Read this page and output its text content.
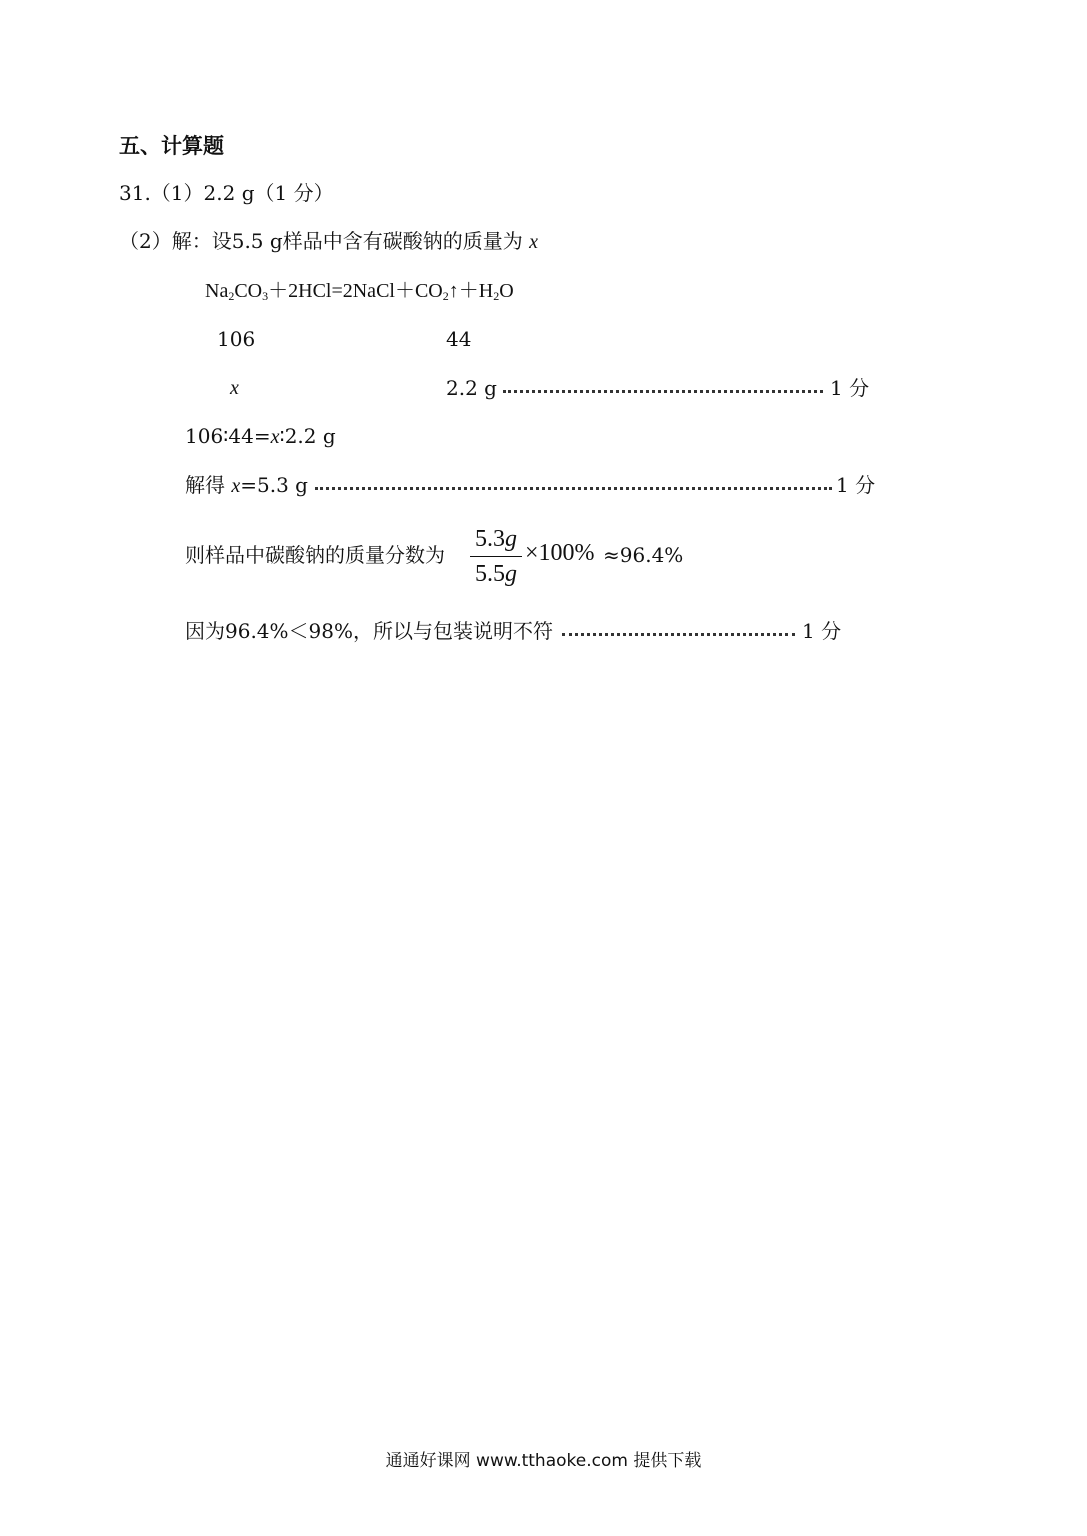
五、计算题
31.（1）2.2 g（1 分）
（2）解：设5.5 g样品中含有碳酸钠的质量为 x
$Na_2CO_3+2HCl=2NaCl+CO_2↑+H_2O$
106	44
x	2.2 g	1 分
106∶44=x∶2.2 g
解得 x=5.3 g	1 分
则样品中碳酸钠的质量分数为
5.3g
5.5g
×100% ≈96.4%
因为96.4%＜98%，所以与包装说明不符	1 分
通通好课网 www.tthaoke.com 提供下载
